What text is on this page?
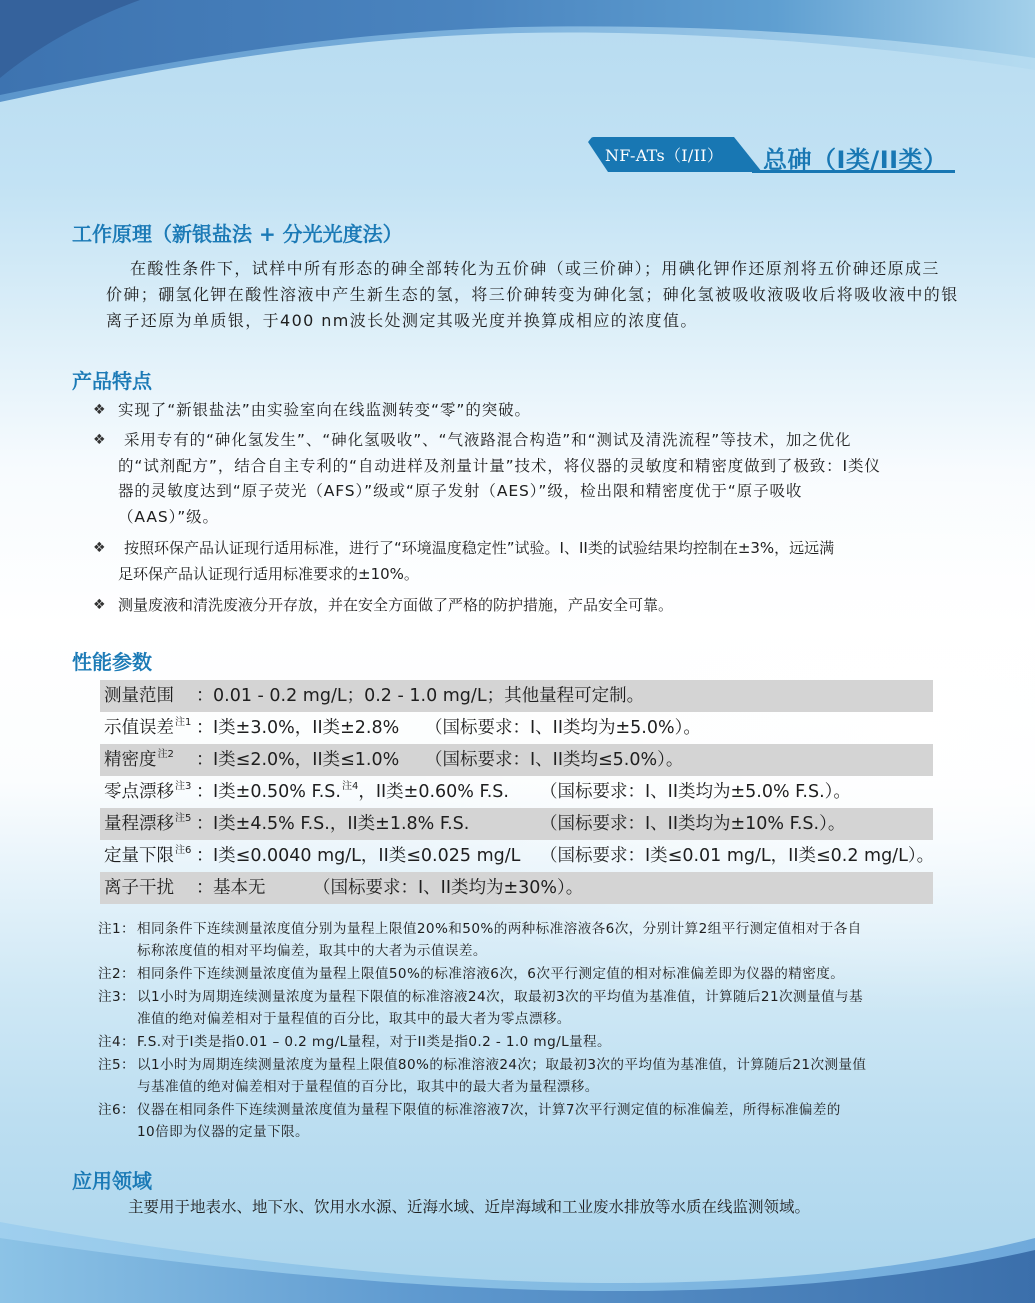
NF-ATs（I/II） 总砷（I类/II类）
工作原理（新银盐法 + 分光光度法）
在酸性条件下，试样中所有形态的砷全部转化为五价砷（或三价砷）；用碘化钾作还原剂将五价砷还原成三
价砷；硼氢化钾在酸性溶液中产生新生态的氢，将三价砷转变为砷化氢；砷化氢被吸收液吸收后将吸收液中的银
离子还原为单质银，于400 nm波长处测定其吸光度并换算成相应的浓度值。
产品特点
❖ 实现了“新银盐法”由实验室向在线监测转变“零”的突破。
❖	采用专有的“砷化氢发生”、“砷化氢吸收”、“气液路混合构造”和“测试及清洗流程”等技术，加之优化
的“试剂配方”，结合自主专利的“自动进样及剂量计量”技术，将仪器的灵敏度和精密度做到了极致：I类仪
器的灵敏度达到“原子荧光（AFS）”级或“原子发射（AES）”级，检出限和精密度优于“原子吸收
（AAS）”级。
❖	按照环保产品认证现行适用标准，进行了“环境温度稳定性”试验。I、II类的试验结果均控制在±3%，远远满
足环保产品认证现行适用标准要求的±10%。
❖ 测量废液和清洗废液分开存放，并在安全方面做了严格的防护措施，产品安全可靠。
性能参数
测量范围 ： 0.01 - 0.2 mg/L；0.2 - 1.0 mg/L；其他量程可定制。
示值误差$^{注1}$ ： I类±3.0%，II类±2.8% （国标要求：I、II类均为±5.0%）。
精密度$^{注2}$ ： I类≤2.0%，II类≤1.0% （国标要求：I、II类均≤5.0%）。
零点漂移$^{注3}$ ： I类±0.50% F.S.$^{注4}$，II类±0.60% F.S. （国标要求：I、II类均为±5.0% F.S.）。
量程漂移$^{注5}$ ： I类±4.5% F.S.，II类±1.8% F.S.	（国标要求：I、II类均为±10% F.S.）。
定量下限$^{注6}$ ： I类≤0.0040 mg/L，II类≤0.025 mg/L （国标要求：I类≤0.01 mg/L，II类≤0.2 mg/L）。
离子干扰 ： 基本无	（国标要求：I、II类均为±30%）。
注1： 相同条件下连续测量浓度值分别为量程上限值20%和50%的两种标准溶液各6次，分别计算2组平行测定值相对于各自
标称浓度值的相对平均偏差，取其中的大者为示值误差。
注2： 相同条件下连续测量浓度值为量程上限值50%的标准溶液6次，6次平行测定值的相对标准偏差即为仪器的精密度。
注3： 以1小时为周期连续测量浓度为量程下限值的标准溶液24次，取最初3次的平均值为基准值，计算随后21次测量值与基
准值的绝对偏差相对于量程值的百分比，取其中的最大者为零点漂移。
注4： F.S.对于I类是指0.01 – 0.2 mg/L量程，对于II类是指0.2 - 1.0 mg/L量程。
注5： 以1小时为周期连续测量浓度为量程上限值80%的标准溶液24次；取最初3次的平均值为基准值，计算随后21次测量值
与基准值的绝对偏差相对于量程值的百分比，取其中的最大者为量程漂移。
注6： 仪器在相同条件下连续测量浓度值为量程下限值的标准溶液7次，计算7次平行测定值的标准偏差，所得标准偏差的
10倍即为仪器的定量下限。
应用领域
主要用于地表水、地下水、饮用水水源、近海水域、近岸海域和工业废水排放等水质在线监测领域。
